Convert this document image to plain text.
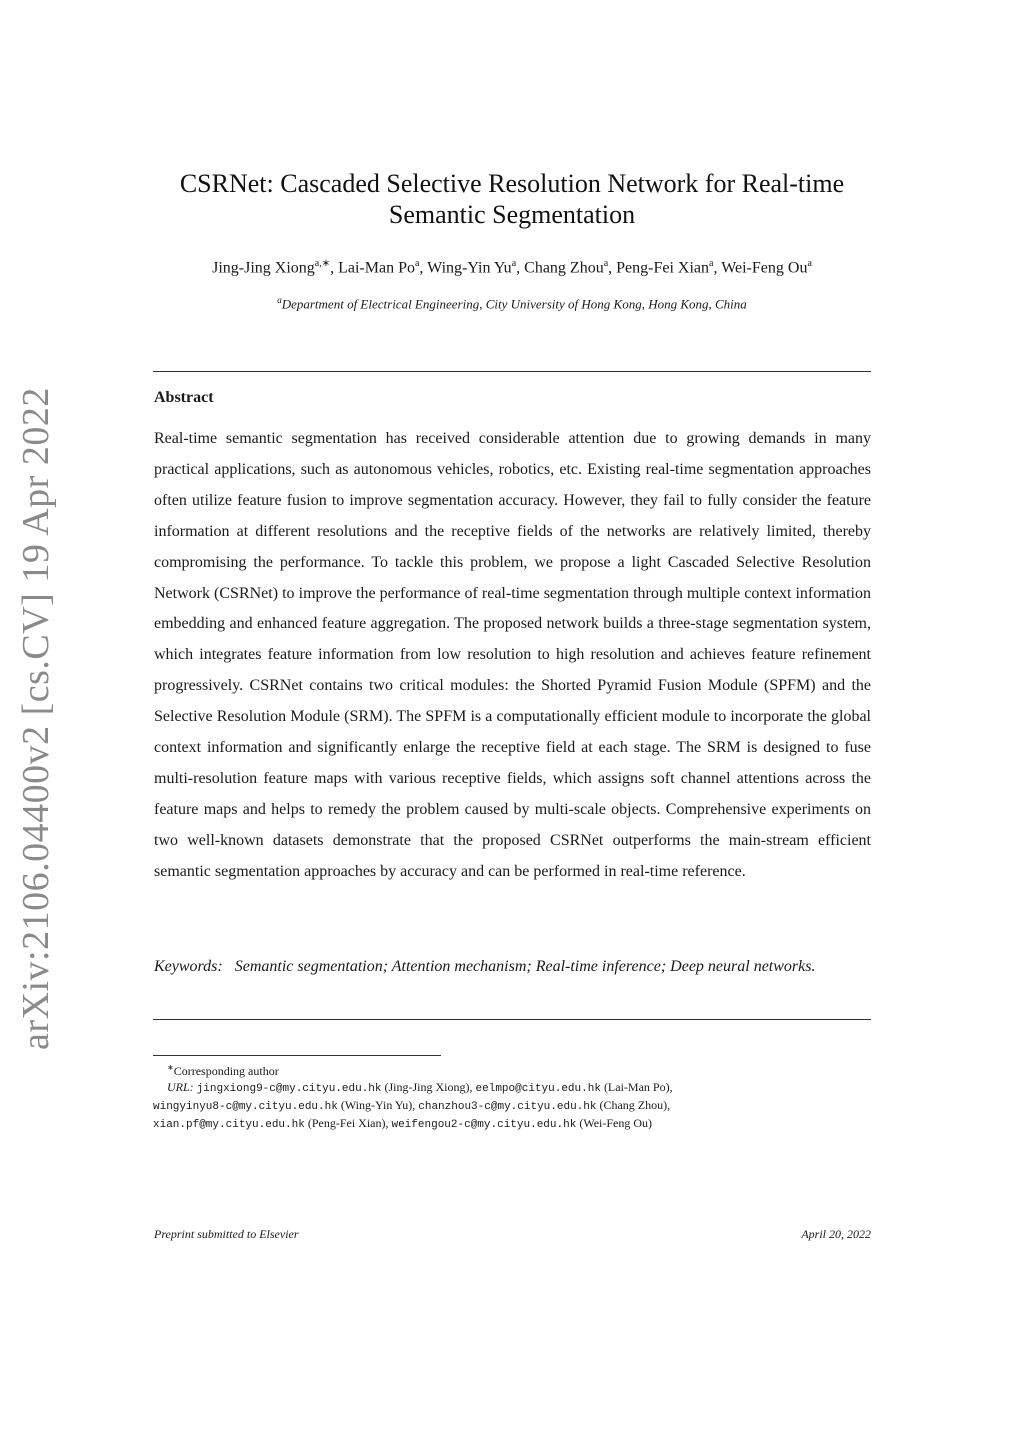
arXiv:2106.04400v2 [cs.CV] 19 Apr 2022
CSRNet: Cascaded Selective Resolution Network for Real-time
Semantic Segmentation
Jing-Jing Xiong$^{a,∗}$, Lai-Man Po$^a$, Wing-Yin Yu$^a$, Chang Zhou$^a$, Peng-Fei Xian$^a$, Wei-Feng Ou$^a$
$^a$Department of Electrical Engineering, City University of Hong Kong, Hong Kong, China
Abstract
Real-time semantic segmentation has received considerable attention due to growing demands in many practical applications, such as autonomous vehicles, robotics, etc. Existing real-time segmentation approaches often utilize feature fusion to improve segmentation accuracy. However, they fail to fully consider the feature information at different resolutions and the receptive fields of the networks are relatively limited, thereby compromising the performance. To tackle this problem, we propose a light Cascaded Selective Resolution Network (CSRNet) to improve the performance of real-time segmentation through multiple context information embedding and enhanced feature aggregation. The proposed network builds a three-stage segmentation system, which integrates feature information from low resolution to high resolution and achieves feature refinement progressively. CSRNet contains two critical modules: the Shorted Pyramid Fusion Module (SPFM) and the Selective Resolution Module (SRM). The SPFM is a computationally efficient module to incorporate the global context information and significantly enlarge the receptive field at each stage. The SRM is designed to fuse multi-resolution feature maps with various receptive fields, which assigns soft channel attentions across the feature maps and helps to remedy the problem caused by multi-scale objects. Comprehensive experiments on two well-known datasets demonstrate that the proposed CSRNet outperforms the main-stream efficient semantic segmentation approaches by accuracy and can be performed in real-time reference.
Keywords: Semantic segmentation; Attention mechanism; Real-time inference; Deep neural networks.
∗Corresponding author
URL: jingxiong9-c@my.cityu.edu.hk (Jing-Jing Xiong), eelmpo@cityu.edu.hk (Lai-Man Po),
wingyinyu8-c@my.cityu.edu.hk (Wing-Yin Yu), chanzhou3-c@my.cityu.edu.hk (Chang Zhou),
xian.pf@my.cityu.edu.hk (Peng-Fei Xian), weifengou2-c@my.cityu.edu.hk (Wei-Feng Ou)
Preprint submitted to Elsevier	April 20, 2022
